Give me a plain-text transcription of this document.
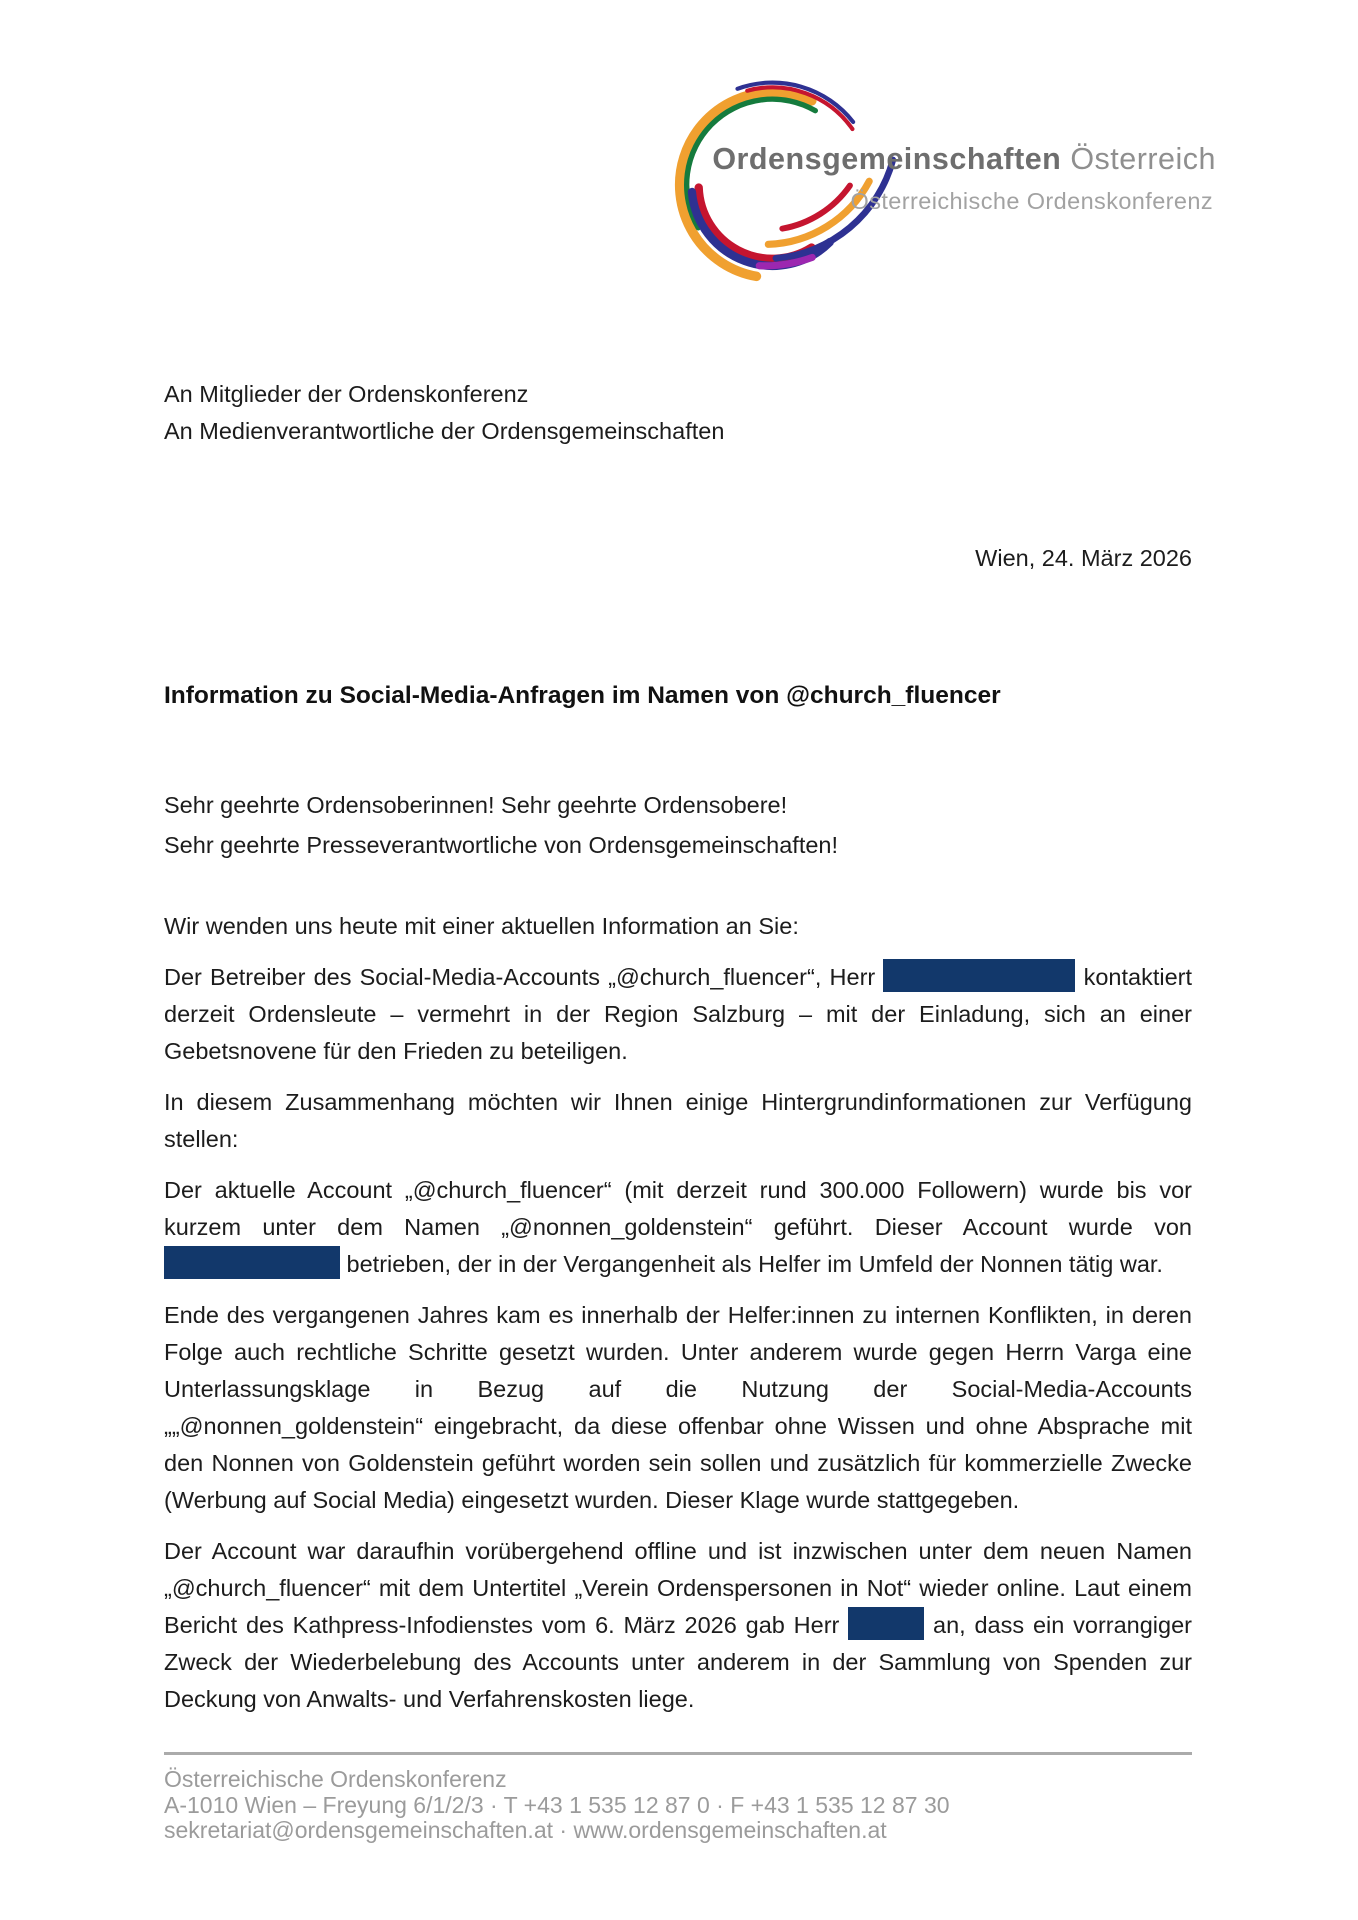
Ordensgemeinschaften Österreich
Österreichische Ordenskonferenz
An Mitglieder der Ordenskonferenz
An Medienverantwortliche der Ordensgemeinschaften
Wien, 24. März 2026
Information zu Social-Media-Anfragen im Namen von @church_fluencer
Sehr geehrte Ordensoberinnen! Sehr geehrte Ordensobere!
Sehr geehrte Presseverantwortliche von Ordensgemeinschaften!

Wir wenden uns heute mit einer aktuellen Information an Sie:

Der Betreiber des Social-Media-Accounts „@church_fluencer“, Herr	kontaktiert derzeit Ordensleute – vermehrt in der Region Salzburg – mit der Einladung, sich an einer Gebetsnovene für den Frieden zu beteiligen.

In diesem Zusammenhang möchten wir Ihnen einige Hintergrundinformationen zur Verfügung stellen:

Der aktuelle Account „@church_fluencer“ (mit derzeit rund 300.000 Followern) wurde bis vor kurzem unter dem Namen „@nonnen_goldenstein“ geführt. Dieser Account wurde von  betrieben, der in der Vergangenheit als Helfer im Umfeld der Nonnen tätig war.

Ende des vergangenen Jahres kam es innerhalb der Helfer:innen zu internen Konflikten, in deren Folge auch rechtliche Schritte gesetzt wurden. Unter anderem wurde gegen Herrn Varga eine Unterlassungsklage in Bezug auf die Nutzung der Social-Media-Accounts „„@nonnen_goldenstein“ eingebracht, da diese offenbar ohne Wissen und ohne Absprache mit den Nonnen von Goldenstein geführt worden sein sollen und zusätzlich für kommerzielle Zwecke (Werbung auf Social Media) eingesetzt wurden. Dieser Klage wurde stattgegeben.

Der Account war daraufhin vorübergehend offline und ist inzwischen unter dem neuen Namen „@church_fluencer“ mit dem Untertitel „Verein Ordenspersonen in Not“ wieder online. Laut einem Bericht des Kathpress-Infodienstes vom 6. März 2026 gab Herr	an, dass ein vorrangiger Zweck der Wiederbelebung des Accounts unter anderem in der Sammlung von Spenden zur Deckung von Anwalts- und Verfahrenskosten liege.

Österreichische Ordenskonferenz
A-1010 Wien – Freyung 6/1/2/3 · T +43 1 535 12 87 0 · F +43 1 535 12 87 30
sekretariat@ordensgemeinschaften.at · www.ordensgemeinschaften.at
